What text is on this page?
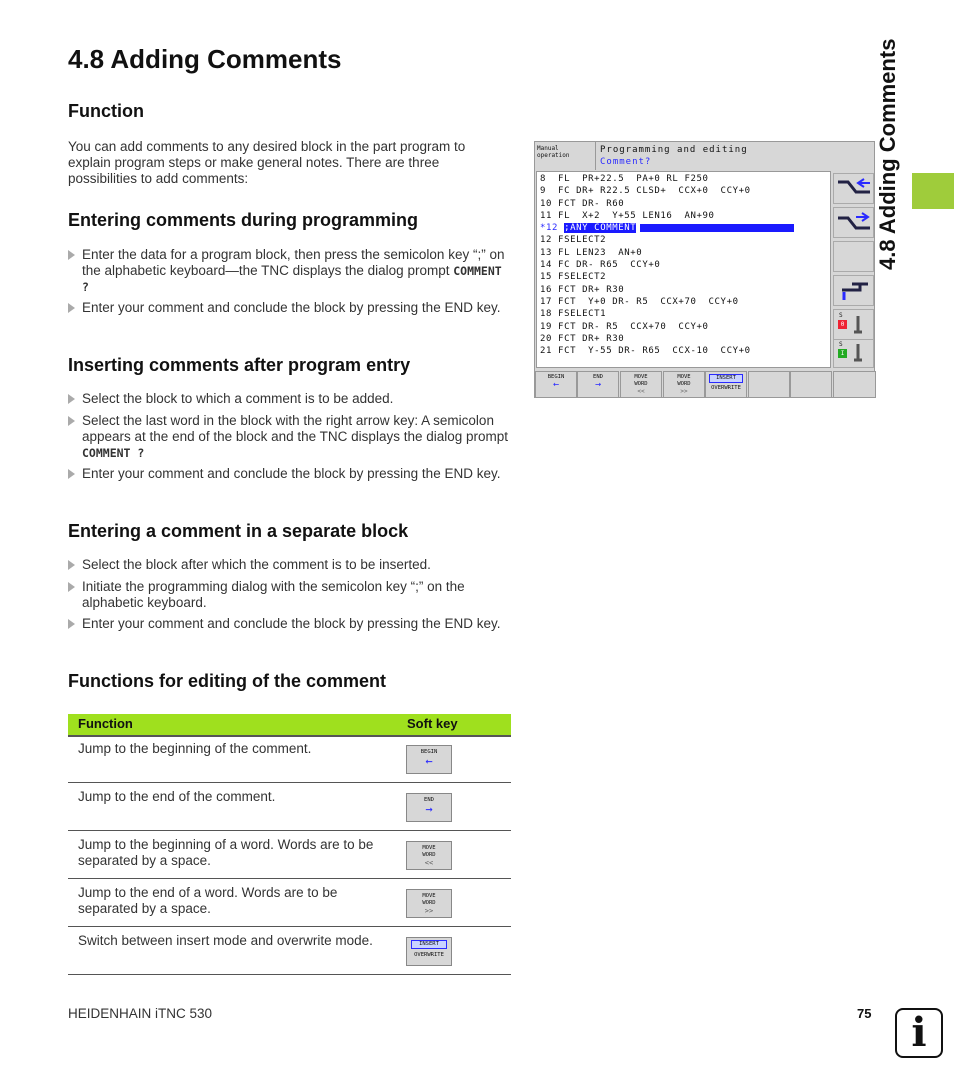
4.8 Adding Comments
4.8 Adding Comments
Function
You can add comments to any desired block in the part program to explain program steps or make general notes. There are three possibilities to add comments:
Entering comments during programming
Enter the data for a program block, then press the semicolon key “;” on the alphabetic keyboard—the TNC displays the dialog prompt COMMENT ?
Enter your comment and conclude the block by pressing the END key.
Inserting comments after program entry
Select the block to which a comment is to be added.
Select the last word in the block with the right arrow key: A semicolon appears at the end of the block and the TNC displays the dialog prompt COMMENT ?
Enter your comment and conclude the block by pressing the END key.
Entering a comment in a separate block
Select the block after which the comment is to be inserted.
Initiate the programming dialog with the semicolon key “;” on the alphabetic keyboard.
Enter your comment and conclude the block by pressing the END key.
Functions for editing of the comment
Manual
operation
Programming and editing
Comment?
8  FL  PR+22.5  PA+0 RL F250
9  FC DR+ R22.5 CLSD+  CCX+0  CCY+0
10 FCT DR- R60
11 FL  X+2  Y+55 LEN16  AN+90
*12 ;ANY COMMENT
12 FSELECT2
13 FL LEN23  AN+0
14 FC DR- R65  CCY+0
15 FSELECT2
16 FCT DR+ R30
17 FCT  Y+0 DR- R5  CCX+70  CCY+0
18 FSELECT1
19 FCT DR- R5  CCX+70  CCY+0
20 FCT DR+ R30
21 FCT  Y-55 DR- R65  CCX-10  CCY+0
S
0
S
I
BEGIN
←
END
→
MOVE
WORD
<<
MOVE
WORD
>>
INSERT
OVERWRITE
Function	Soft key
Jump to the beginning of the comment.	BEGIN
←
Jump to the end of the comment.	END
→
Jump to the beginning of a word. Words are to be separated by a space.
MOVE
WORD
<<
Jump to the end of a word. Words are to be separated by a space.
MOVE
WORD
>>
Switch between insert mode and overwrite mode.	INSERT
OVERWRITE
HEIDENHAIN iTNC 530	75 i
